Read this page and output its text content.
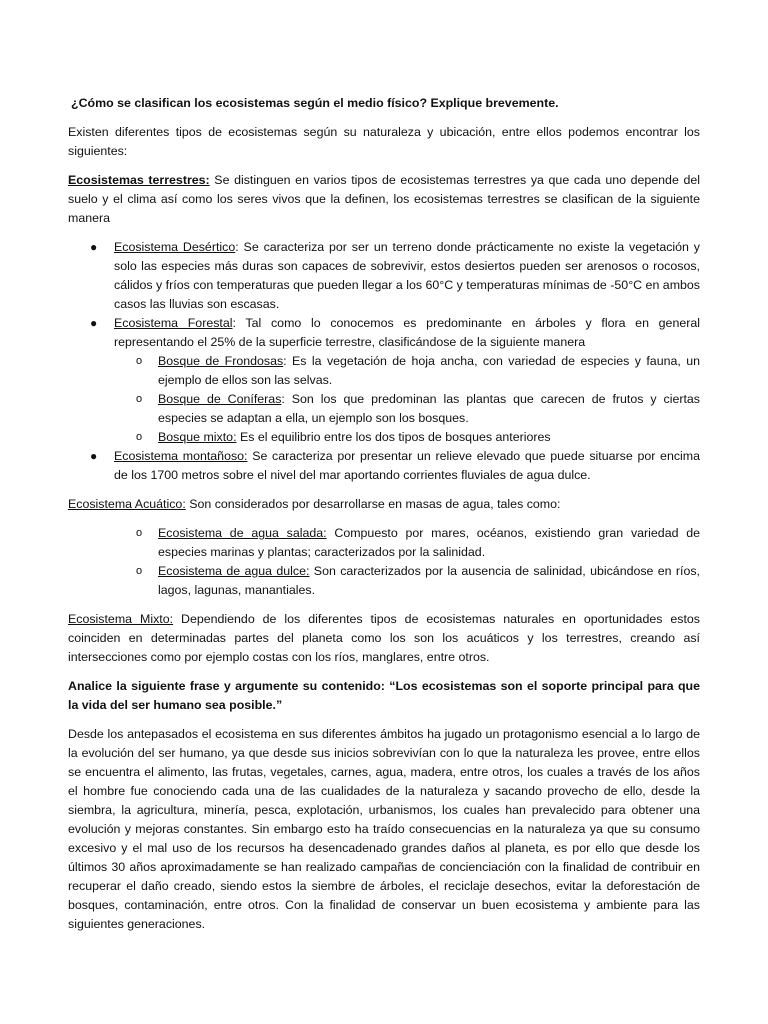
¿Cómo se clasifican los ecosistemas según el medio físico? Explique brevemente.

Existen diferentes tipos de ecosistemas según su naturaleza y ubicación, entre ellos podemos encontrar los siguientes:

Ecosistemas terrestres: Se distinguen en varios tipos de ecosistemas terrestres ya que cada uno depende del suelo y el clima así como los seres vivos que la definen, los ecosistemas terrestres se clasifican de la siguiente manera

● Ecosistema Desértico: Se caracteriza por ser un terreno donde prácticamente no existe la vegetación y solo las especies más duras son capaces de sobrevivir, estos desiertos pueden ser arenosos o rocosos, cálidos y fríos con temperaturas que pueden llegar a los 60°C y temperaturas mínimas de -50°C en ambos casos las lluvias son escasas.
● Ecosistema Forestal: Tal como lo conocemos es predominante en árboles y flora en general representando el 25% de la superficie terrestre, clasificándose de la siguiente manera
o Bosque de Frondosas: Es la vegetación de hoja ancha, con variedad de especies y fauna, un ejemplo de ellos son las selvas.
o Bosque de Coníferas: Son los que predominan las plantas que carecen de frutos y ciertas especies se adaptan a ella, un ejemplo son los bosques.
o Bosque mixto: Es el equilibrio entre los dos tipos de bosques anteriores
● Ecosistema montañoso: Se caracteriza por presentar un relieve elevado que puede situarse por encima de los 1700 metros sobre el nivel del mar aportando corrientes fluviales de agua dulce.

Ecosistema Acuático: Son considerados por desarrollarse en masas de agua, tales como:

o Ecosistema de agua salada: Compuesto por mares, océanos, existiendo gran variedad de especies marinas y plantas; caracterizados por la salinidad.
o Ecosistema de agua dulce: Son caracterizados por la ausencia de salinidad, ubicándose en ríos, lagos, lagunas, manantiales.

Ecosistema Mixto: Dependiendo de los diferentes tipos de ecosistemas naturales en oportunidades estos coinciden en determinadas partes del planeta como los son los acuáticos y los terrestres, creando así intersecciones como por ejemplo costas con los ríos, manglares, entre otros.

Analice la siguiente frase y argumente su contenido: “Los ecosistemas son el soporte principal para que la vida del ser humano sea posible.”

Desde los antepasados el ecosistema en sus diferentes ámbitos ha jugado un protagonismo esencial a lo largo de la evolución del ser humano, ya que desde sus inicios sobrevivían con lo que la naturaleza les provee, entre ellos se encuentra el alimento, las frutas, vegetales, carnes, agua, madera, entre otros, los cuales a través de los años el hombre fue conociendo cada una de las cualidades de la naturaleza y sacando provecho de ello, desde la siembra, la agricultura, minería, pesca, explotación, urbanismos, los cuales han prevalecido para obtener una evolución y mejoras constantes. Sin embargo esto ha traído consecuencias en la naturaleza ya que su consumo excesivo y el mal uso de los recursos ha desencadenado grandes daños al planeta, es por ello que desde los últimos 30 años aproximadamente se han realizado campañas de concienciación con la finalidad de contribuir en recuperar el daño creado, siendo estos la siembre de árboles, el reciclaje desechos, evitar la deforestación de bosques, contaminación, entre otros. Con la finalidad de conservar un buen ecosistema y ambiente para las siguientes generaciones.
